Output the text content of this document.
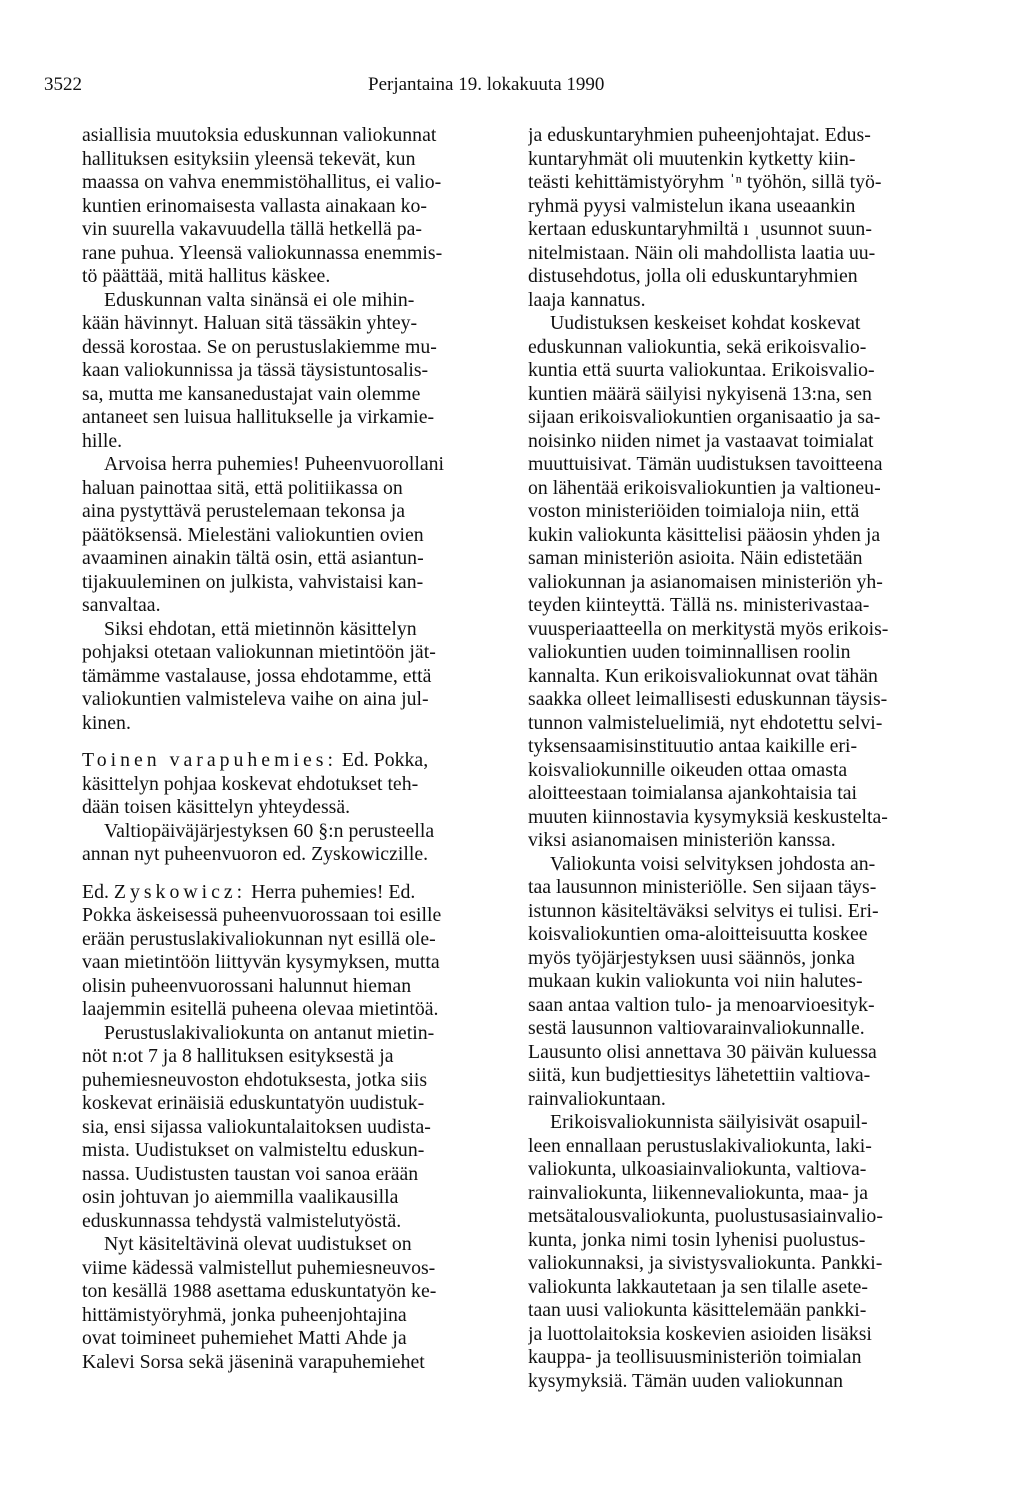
3522	Perjantaina 19. lokakuuta 1990
asiallisia muutoksia eduskunnan valiokunnat
hallituksen esityksiin yleensä tekevät, kun
maassa on vahva enemmistöhallitus, ei valio-
kuntien erinomaisesta vallasta ainakaan ko-
vin suurella vakavuudella tällä hetkellä pa-
rane puhua. Yleensä valiokunnassa enemmis-
tö päättää, mitä hallitus käskee.
Eduskunnan valta sinänsä ei ole mihin-
kään hävinnyt. Haluan sitä tässäkin yhtey-
dessä korostaa. Se on perustuslakiemme mu-
kaan valiokunnissa ja tässä täysistuntosalis-
sa, mutta me kansanedustajat vain olemme
antaneet sen luisua hallitukselle ja virkamie-
hille.
Arvoisa herra puhemies! Puheenvuorollani
haluan painottaa sitä, että politiikassa on
aina pystyttävä perustelemaan tekonsa ja
päätöksensä. Mielestäni valiokuntien ovien
avaaminen ainakin tältä osin, että asiantun-
tijakuuleminen on julkista, vahvistaisi kan-
sanvaltaa.
Siksi ehdotan, että mietinnön käsittelyn
pohjaksi otetaan valiokunnan mietintöön jät-
tämämme vastalause, jossa ehdotamme, että
valiokuntien valmisteleva vaihe on aina jul-
kinen.
Toinen varapuhemies: Ed. Pokka,
käsittelyn pohjaa koskevat ehdotukset teh-
dään toisen käsittelyn yhteydessä.
Valtiopäiväjärjestyksen 60 §:n perusteella
annan nyt puheenvuoron ed. Zyskowiczille.
Ed. Zyskowicz: Herra puhemies! Ed.
Pokka äskeisessä puheenvuorossaan toi esille
erään perustuslakivaliokunnan nyt esillä ole-
vaan mietintöön liittyvän kysymyksen, mutta
olisin puheenvuorossani halunnut hieman
laajemmin esitellä puheena olevaa mietintöä.
Perustuslakivaliokunta on antanut mietin-
nöt n:ot 7 ja 8 hallituksen esityksestä ja
puhemiesneuvoston ehdotuksesta, jotka siis
koskevat erinäisiä eduskuntatyön uudistuk-
sia, ensi sijassa valiokuntalaitoksen uudista-
mista. Uudistukset on valmisteltu eduskun-
nassa. Uudistusten taustan voi sanoa erään
osin johtuvan jo aiemmilla vaalikausilla
eduskunnassa tehdystä valmistelutyöstä.
Nyt käsiteltävinä olevat uudistukset on
viime kädessä valmistellut puhemiesneuvos-
ton kesällä 1988 asettama eduskuntatyön ke-
hittämistyöryhmä, jonka puheenjohtajina
ovat toimineet puhemiehet Matti Ahde ja
Kalevi Sorsa sekä jäseninä varapuhemiehet
ja eduskuntaryhmien puheenjohtajat. Edus-
kuntaryhmät oli muutenkin kytketty kiin-
teästi kehittämistyöryhm ˈⁿ työhön, sillä työ-
ryhmä pyysi valmistelun ikana useaankin
kertaan eduskuntaryhmiltä ı ˌusunnot suun-
nitelmistaan. Näin oli mahdollista laatia uu-
distusehdotus, jolla oli eduskuntaryhmien
laaja kannatus.
Uudistuksen keskeiset kohdat koskevat
eduskunnan valiokuntia, sekä erikoisvalio-
kuntia että suurta valiokuntaa. Erikoisvalio-
kuntien määrä säilyisi nykyisenä 13:na, sen
sijaan erikoisvaliokuntien organisaatio ja sa-
noisinko niiden nimet ja vastaavat toimialat
muuttuisivat. Tämän uudistuksen tavoitteena
on lähentää erikoisvaliokuntien ja valtioneu-
voston ministeriöiden toimialoja niin, että
kukin valiokunta käsittelisi pääosin yhden ja
saman ministeriön asioita. Näin edistetään
valiokunnan ja asianomaisen ministeriön yh-
teyden kiinteyttä. Tällä ns. ministerivastaa-
vuusperiaatteella on merkitystä myös erikois-
valiokuntien uuden toiminnallisen roolin
kannalta. Kun erikoisvaliokunnat ovat tähän
saakka olleet leimallisesti eduskunnan täysis-
tunnon valmisteluelimiä, nyt ehdotettu selvi-
tyksensaamisinstituutio antaa kaikille eri-
koisvaliokunnille oikeuden ottaa omasta
aloitteestaan toimialansa ajankohtaisia tai
muuten kiinnostavia kysymyksiä keskusteltа-
viksi asianomaisen ministeriön kanssa.
Valiokunta voisi selvityksen johdosta an-
taa lausunnon ministeriölle. Sen sijaan täys-
istunnon käsiteltäväksi selvitys ei tulisi. Eri-
koisvaliokuntien oma-aloitteisuutta koskee
myös työjärjestyksen uusi säännös, jonka
mukaan kukin valiokunta voi niin halutes-
saan antaa valtion tulo- ja menoarvioesityk-
sestä lausunnon valtiovarainvaliokunnalle.
Lausunto olisi annettava 30 päivän kuluessa
siitä, kun budjettiesitys lähetettiin valtiova-
rainvaliokuntaan.
Erikoisvaliokunnista säilyisivät osapuil-
leen ennallaan perustuslakivaliokunta, laki-
valiokunta, ulkoasiainvaliokunta, valtiova-
rainvaliokunta, liikennevaliokunta, maa- ja
metsätalousvaliokunta, puolustusasiainvalio-
kunta, jonka nimi tosin lyhenisi puolustus-
valiokunnaksi, ja sivistysvaliokunta. Pankki-
valiokunta lakkautetaan ja sen tilalle asete-
taan uusi valiokunta käsittelemään pankki-
ja luottolaitoksia koskevien asioiden lisäksi
kauppa- ja teollisuusministeriön toimialan
kysymyksiä. Tämän uuden valiokunnan
